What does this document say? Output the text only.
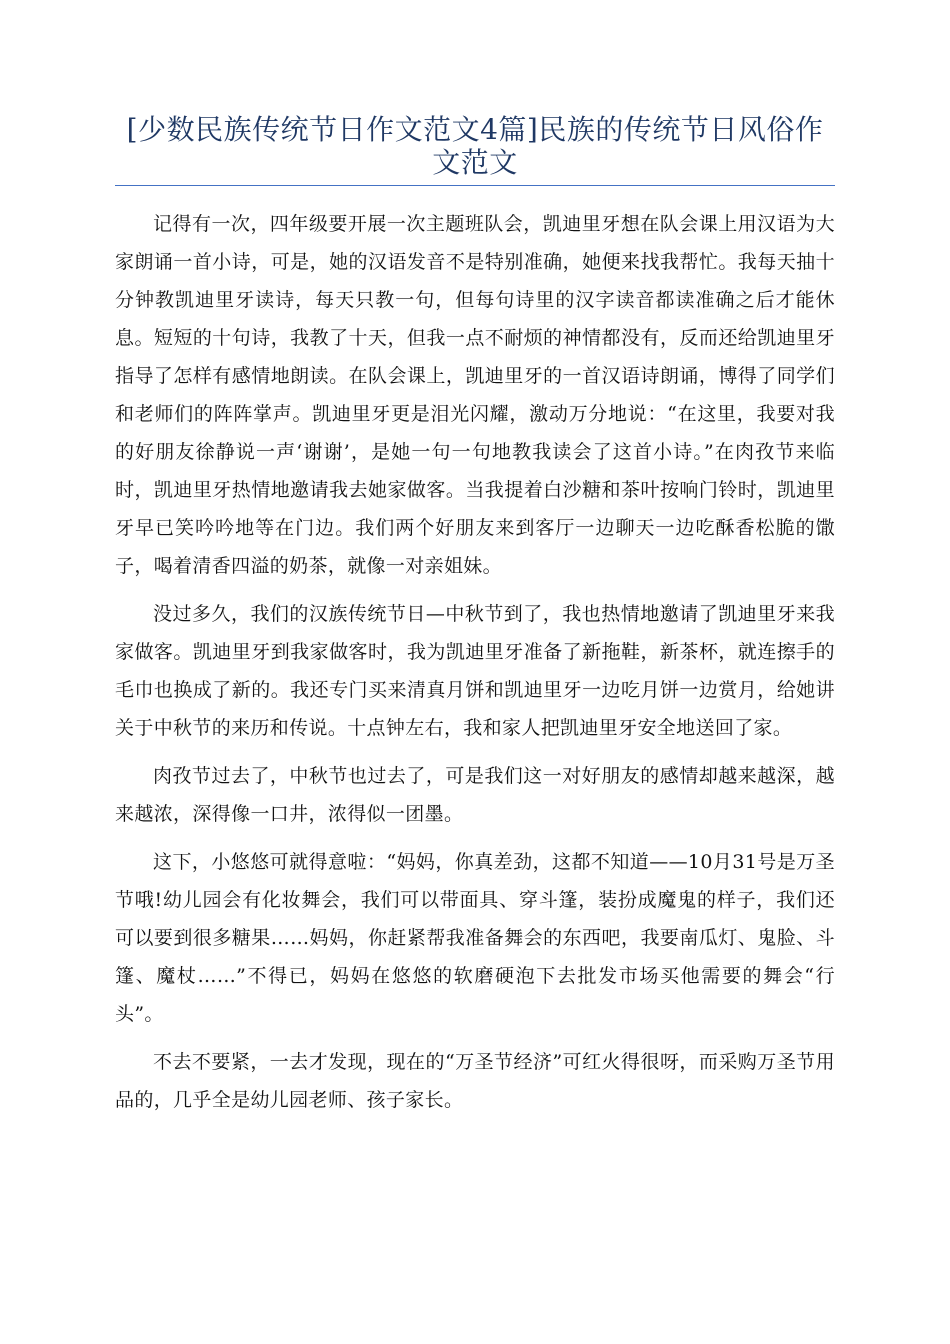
[少数民族传统节日作文范文4篇]民族的传统节日风俗作文范文

记得有一次，四年级要开展一次主题班队会，凯迪里牙想在队会课上用汉语为大家朗诵一首小诗，可是，她的汉语发音不是特别准确，她便来找我帮忙。我每天抽十分钟教凯迪里牙读诗，每天只教一句，但每句诗里的汉字读音都读准确之后才能休息。短短的十句诗，我教了十天，但我一点不耐烦的神情都没有，反而还给凯迪里牙指导了怎样有感情地朗读。在队会课上，凯迪里牙的一首汉语诗朗诵，博得了同学们和老师们的阵阵掌声。凯迪里牙更是泪光闪耀，激动万分地说：“在这里，我要对我的好朋友徐静说一声‘谢谢’，是她一句一句地教我读会了这首小诗。”在肉孜节来临时，凯迪里牙热情地邀请我去她家做客。当我提着白沙糖和茶叶按响门铃时，凯迪里牙早已笑吟吟地等在门边。我们两个好朋友来到客厅一边聊天一边吃酥香松脆的馓子，喝着清香四溢的奶茶，就像一对亲姐妹。

没过多久，我们的汉族传统节日—中秋节到了，我也热情地邀请了凯迪里牙来我家做客。凯迪里牙到我家做客时，我为凯迪里牙准备了新拖鞋，新茶杯，就连擦手的毛巾也换成了新的。我还专门买来清真月饼和凯迪里牙一边吃月饼一边赏月，给她讲关于中秋节的来历和传说。十点钟左右，我和家人把凯迪里牙安全地送回了家。

肉孜节过去了，中秋节也过去了，可是我们这一对好朋友的感情却越来越深，越来越浓，深得像一口井，浓得似一团墨。

这下，小悠悠可就得意啦：“妈妈，你真差劲，这都不知道——10月31号是万圣节哦!幼儿园会有化妆舞会，我们可以带面具、穿斗篷，装扮成魔鬼的样子，我们还可以要到很多糖果……妈妈，你赶紧帮我准备舞会的东西吧，我要南瓜灯、鬼脸、斗篷、魔杖……”不得已，妈妈在悠悠的软磨硬泡下去批发市场买他需要的舞会“行头”。

不去不要紧，一去才发现，现在的“万圣节经济”可红火得很呀，而采购万圣节用品的，几乎全是幼儿园老师、孩子家长。
